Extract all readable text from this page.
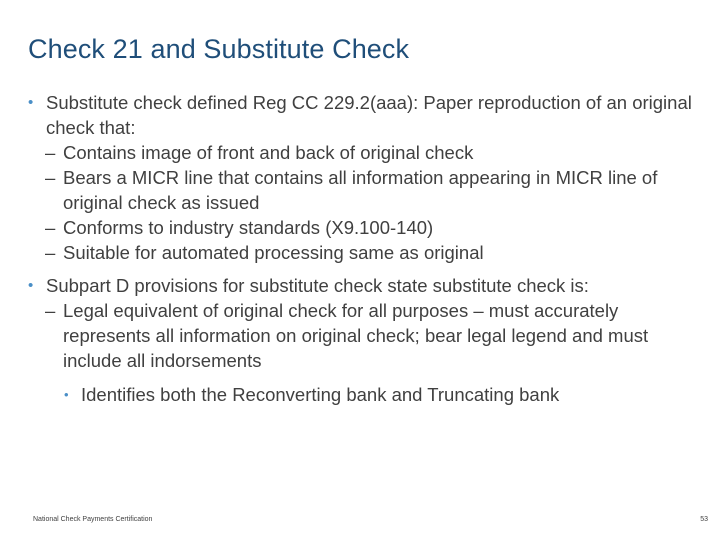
Check 21 and Substitute Check
• Substitute check defined Reg CC 229.2(aaa): Paper reproduction of an original check that:
– Contains image of front and back of original check
– Bears a MICR line that contains all information appearing in MICR line of original check as issued
– Conforms to industry standards (X9.100-140)
– Suitable for automated processing same as original
• Subpart D provisions for substitute check state substitute check is:
– Legal equivalent of original check for all purposes – must accurately represents all information on original check; bear legal legend and must include all indorsements
• Identifies both the Reconverting bank and Truncating bank
National Check Payments Certification	53
